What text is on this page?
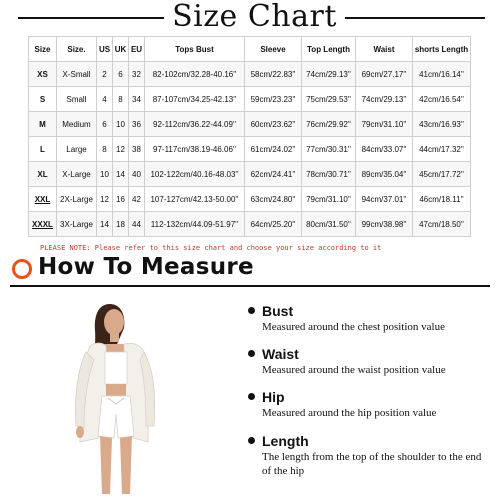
Size Chart
Size	Size.	US	UK	EU	Tops Bust	Sleeve	Top Length	Waist	shorts Length
XS	X-Small	2	6	32	82-102cm/32.28-40.16''	58cm/22.83''	74cm/29.13''	69cm/27.17''	41cm/16.14''
S	Small	4	8	34	87-107cm/34.25-42.13''	59cm/23.23''	75cm/29.53''	74cm/29.13''	42cm/16.54''
M	Medium	6	10	36	92-112cm/36.22-44.09''	60cm/23.62''	76cm/29.92''	79cm/31.10''	43cm/16.93''
L	Large	8	12	38	97-117cm/38.19-46.06''	61cm/24.02''	77cm/30.31''	84cm/33.07''	44cm/17.32''
XL	X-Large	10	14	40	102-122cm/40.16-48.03''	62cm/24.41''	78cm/30.71''	89cm/35.04''	45cm/17.72''
XXL	2X-Large	12	16	42	107-127cm/42.13-50.00''	63cm/24.80''	79cm/31.10''	94cm/37.01''	46cm/18.11''
XXXL	3X-Large	14	18	44	112-132cm/44.09-51.97''	64cm/25.20''	80cm/31.50''	99cm/38.98''	47cm/18.50''
PLEASE NOTE: Please refer to this size chart and choose your size according to it
How To Measure
Bust
Measured around the chest position value
Waist
Measured around the waist position value
Hip
Measured around the hip position value
Length
The length from the top of the shoulder to the end of the hip
